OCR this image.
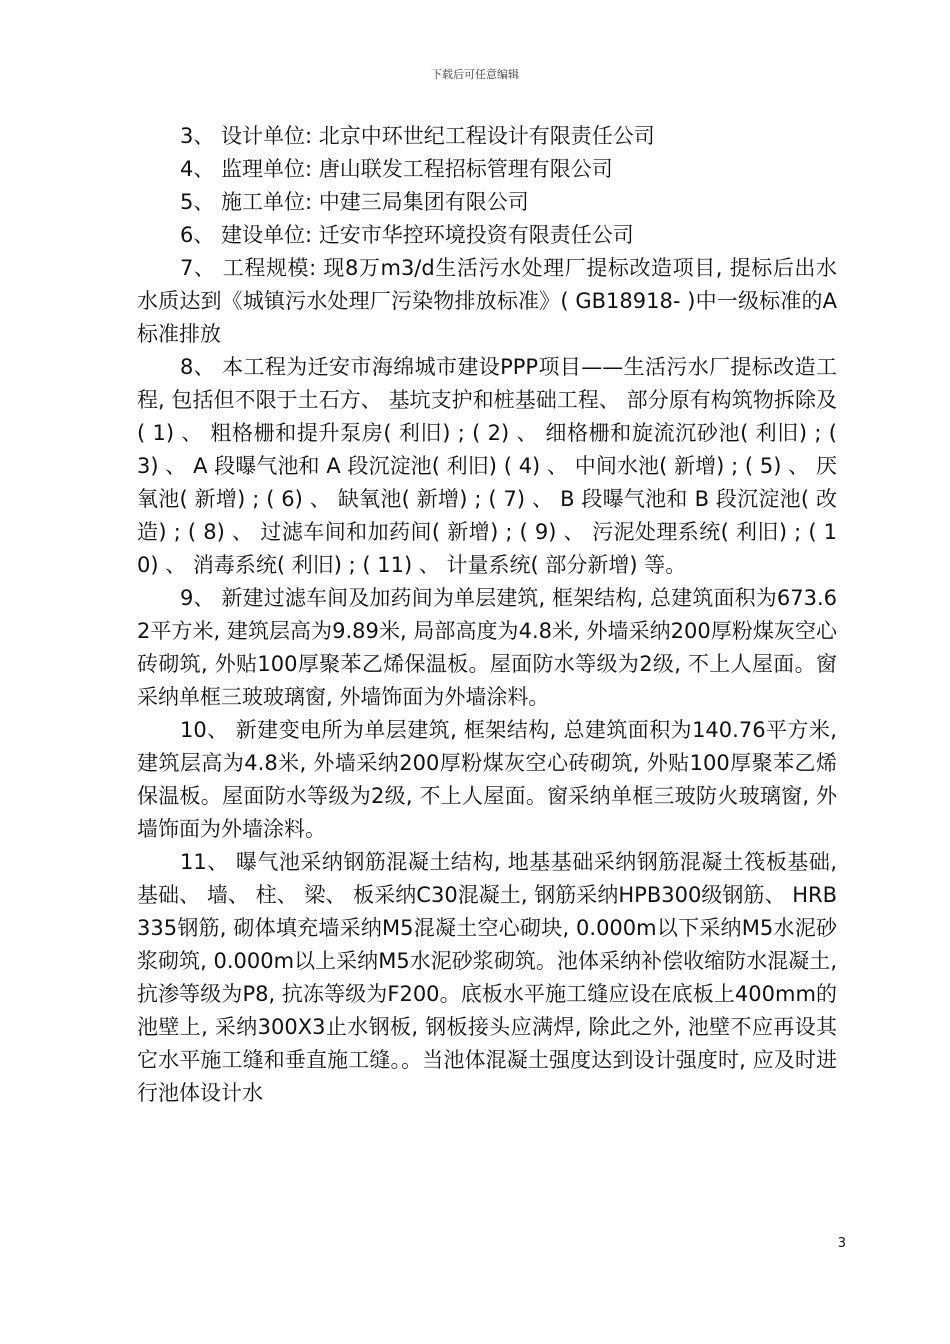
下载后可任意编辑

3、 设计单位: 北京中环世纪工程设计有限责任公司

4、 监理单位: 唐山联发工程招标管理有限公司

5、 施工单位: 中建三局集团有限公司

6、 建设单位: 迁安市华控环境投资有限责任公司

7、 工程规模: 现8万m3/d生活污水处理厂提标改造项目, 提标后出水水质达到《城镇污水处理厂污染物排放标准》( GB18918- )中一级标准的A标准排放

8、 本工程为迁安市海绵城市建设PPP项目——生活污水厂提标改造工程, 包括但不限于土石方、 基坑支护和桩基础工程、 部分原有构筑物拆除及( 1) 、 粗格栅和提升泵房( 利旧) ; ( 2) 、 细格栅和旋流沉砂池( 利旧) ; ( 3) 、 A 段曝气池和 A 段沉淀池( 利旧) ( 4) 、 中间水池( 新增) ; ( 5) 、 厌氧池( 新增) ; ( 6) 、 缺氧池( 新增) ; ( 7) 、 B 段曝气池和 B 段沉淀池( 改造) ; ( 8) 、 过滤车间和加药间( 新增) ; ( 9) 、 污泥处理系统( 利旧) ; ( 10) 、 消毒系统( 利旧) ; ( 11) 、 计量系统( 部分新增) 等。

9、 新建过滤车间及加药间为单层建筑, 框架结构, 总建筑面积为673.62平方米, 建筑层高为9.89米, 局部高度为4.8米, 外墙采纳200厚粉煤灰空心砖砌筑, 外贴100厚聚苯乙烯保温板。屋面防水等级为2级, 不上人屋面。窗采纳单框三玻玻璃窗, 外墙饰面为外墙涂料。

10、 新建变电所为单层建筑, 框架结构, 总建筑面积为140.76平方米, 建筑层高为4.8米, 外墙采纳200厚粉煤灰空心砖砌筑, 外贴100厚聚苯乙烯保温板。屋面防水等级为2级, 不上人屋面。窗采纳单框三玻防火玻璃窗, 外墙饰面为外墙涂料。

11、 曝气池采纳钢筋混凝土结构, 地基基础采纳钢筋混凝土筏板基础, 基础、 墙、 柱、 梁、 板采纳C30混凝土, 钢筋采纳HPB300级钢筋、 HRB335钢筋, 砌体填充墙采纳M5混凝土空心砌块, 0.000m以下采纳M5水泥砂浆砌筑, 0.000m以上采纳M5水泥砂浆砌筑。池体采纳补偿收缩防水混凝土, 抗渗等级为P8, 抗冻等级为F200。底板水平施工缝应设在底板上400mm的池壁上, 采纳300X3止水钢板, 钢板接头应满焊, 除此之外, 池壁不应再设其它水平施工缝和垂直施工缝。。当池体混凝土强度达到设计强度时, 应及时进行池体设计水

3
